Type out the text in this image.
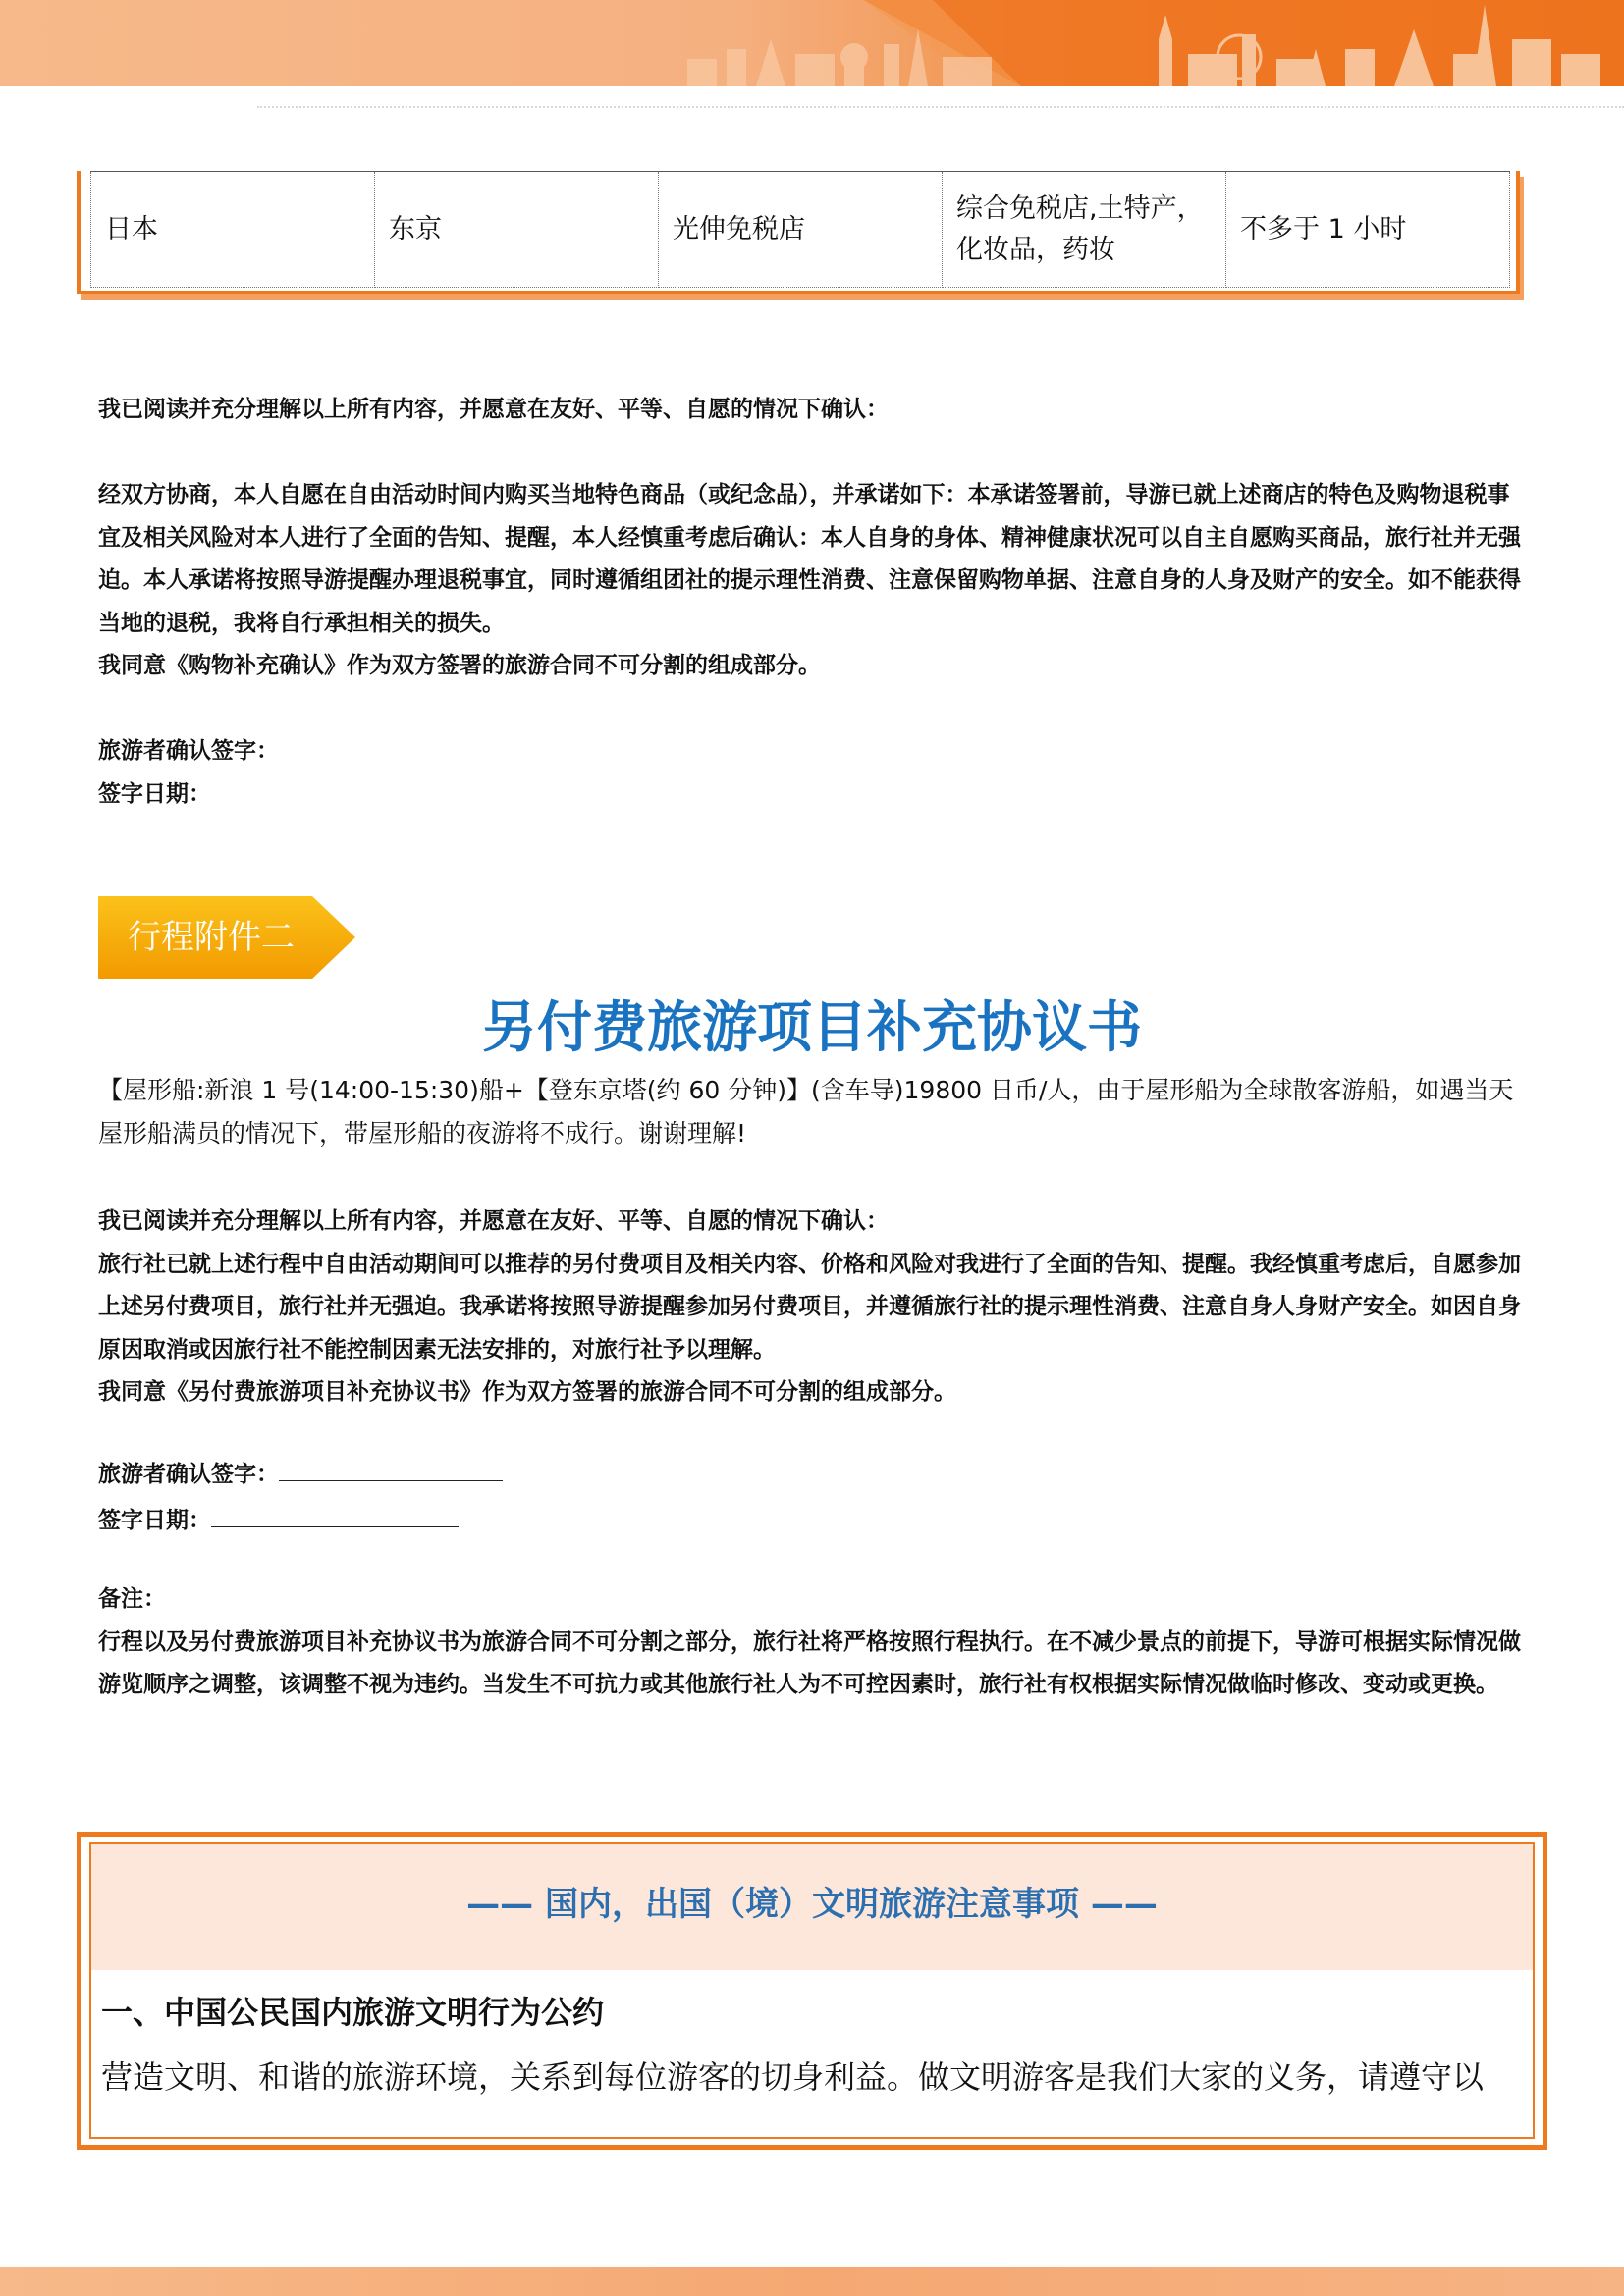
日本	东京	光伸免税店	综合免税店,土特产，化妆品，药妆	不多于 1 小时

我已阅读并充分理解以上所有内容，并愿意在友好、平等、自愿的情况下确认：

经双方协商，本人自愿在自由活动时间内购买当地特色商品（或纪念品），并承诺如下：本承诺签署前，导游已就上述商店的特色及购物退税事宜及相关风险对本人进行了全面的告知、提醒，本人经慎重考虑后确认：本人自身的身体、精神健康状况可以自主自愿购买商品，旅行社并无强迫。本人承诺将按照导游提醒办理退税事宜，同时遵循组团社的提示理性消费、注意保留购物单据、注意自身的人身及财产的安全。如不能获得当地的退税，我将自行承担相关的损失。

我同意《购物补充确认》作为双方签署的旅游合同不可分割的组成部分。

旅游者确认签字：

签字日期：

行程附件二
另付费旅游项目补充协议书

【屋形船:新浪 1 号(14:00-15:30)船+【登东京塔(约 60 分钟)】(含车导)19800 日币/人，由于屋形船为全球散客游船，如遇当天屋形船满员的情况下，带屋形船的夜游将不成行。谢谢理解!

我已阅读并充分理解以上所有内容，并愿意在友好、平等、自愿的情况下确认：

旅行社已就上述行程中自由活动期间可以推荐的另付费项目及相关内容、价格和风险对我进行了全面的告知、提醒。我经慎重考虑后，自愿参加上述另付费项目，旅行社并无强迫。我承诺将按照导游提醒参加另付费项目，并遵循旅行社的提示理性消费、注意自身人身财产安全。如因自身原因取消或因旅行社不能控制因素无法安排的，对旅行社予以理解。

我同意《另付费旅游项目补充协议书》作为双方签署的旅游合同不可分割的组成部分。

旅游者确认签字：

签字日期：

备注：

行程以及另付费旅游项目补充协议书为旅游合同不可分割之部分，旅行社将严格按照行程执行。在不减少景点的前提下，导游可根据实际情况做游览顺序之调整，该调整不视为违约。当发生不可抗力或其他旅行社人为不可控因素时，旅行社有权根据实际情况做临时修改、变动或更换。

—— 国内，出国（境）文明旅游注意事项 ——
一、中国公民国内旅游文明行为公约
营造文明、和谐的旅游环境，关系到每位游客的切身利益。做文明游客是我们大家的义务，请遵守以
